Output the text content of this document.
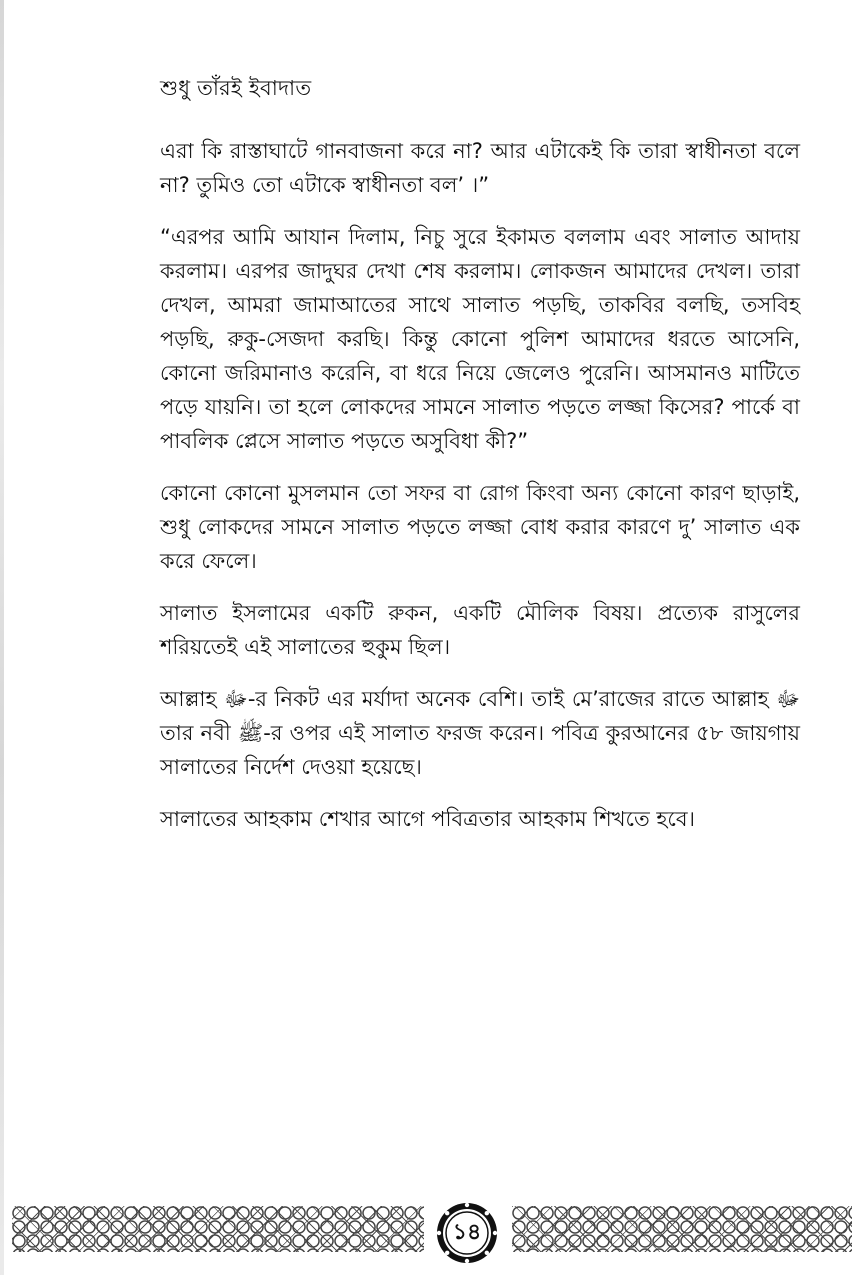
শুধু তাঁরই ইবাদাত

এরা কি রাস্তাঘাটে গানবাজনা করে না? আর এটাকেই কি তারা স্বাধীনতা বলে না? তুমিও তো এটাকে স্বাধীনতা বল’ ।”

“এরপর আমি আযান দিলাম, নিচু সুরে ইকামত বললাম এবং সালাত আদায় করলাম। এরপর জাদুঘর দেখা শেষ করলাম। লোকজন আমাদের দেখল। তারা দেখল, আমরা জামাআতের সাথে সালাত পড়ছি, তাকবির বলছি, তসবিহ পড়ছি, রুকু-সেজদা করছি। কিন্তু কোনো পুলিশ আমাদের ধরতে আসেনি, কোনো জরিমানাও করেনি, বা ধরে নিয়ে জেলেও পুরেনি। আসমানও মাটিতে পড়ে যায়নি। তা হলে লোকদের সামনে সালাত পড়তে লজ্জা কিসের? পার্কে বা পাবলিক প্লেসে সালাত পড়তে অসুবিধা কী?”

কোনো কোনো মুসলমান তো সফর বা রোগ কিংবা অন্য কোনো কারণ ছাড়াই, শুধু লোকদের সামনে সালাত পড়তে লজ্জা বোধ করার কারণে দু’ সালাত এক করে ফেলে।

সালাত ইসলামের একটি রুকন, একটি মৌলিক বিষয়। প্রত্যেক রাসুলের শরিয়তেই এই সালাতের হুকুম ছিল।

আল্লাহ ﷻ-র নিকট এর মর্যাদা অনেক বেশি। তাই মে’রাজের রাতে আল্লাহ ﷻ তার নবী ﷺ-র ওপর এই সালাত ফরজ করেন। পবিত্র কুরআনের ৫৮ জায়গায় সালাতের নির্দেশ দেওয়া হয়েছে।

সালাতের আহকাম শেখার আগে পবিত্রতার আহকাম শিখতে হবে।

১৪
